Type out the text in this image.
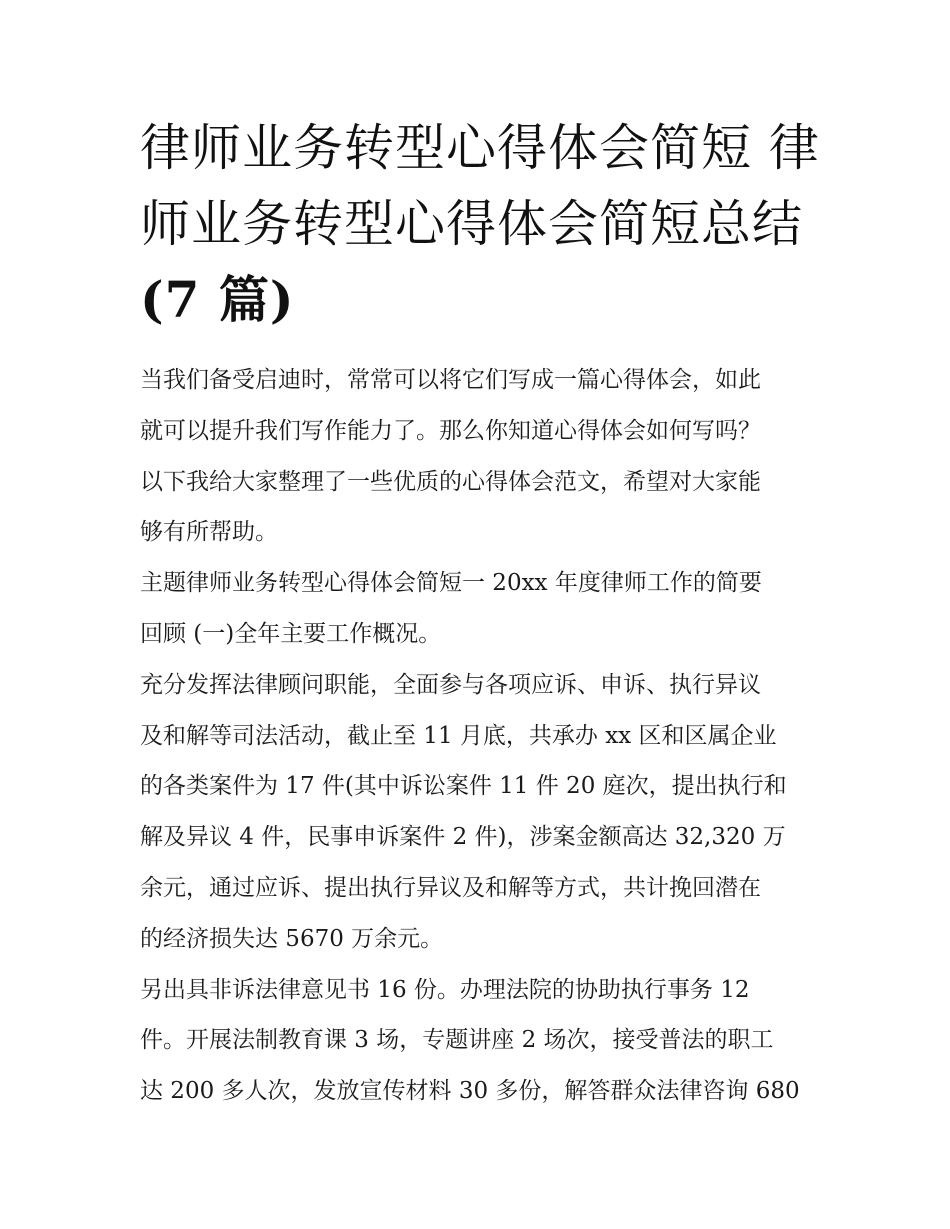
律师业务转型心得体会简短 律
师业务转型心得体会简短总结
(7 篇)
当我们备受启迪时，常常可以将它们写成一篇心得体会，如此
就可以提升我们写作能力了。那么你知道心得体会如何写吗？
以下我给大家整理了一些优质的心得体会范文，希望对大家能
够有所帮助。
主题律师业务转型心得体会简短一 20xx 年度律师工作的简要
回顾 (一)全年主要工作概况。
充分发挥法律顾问职能，全面参与各项应诉、申诉、执行异议
及和解等司法活动，截止至 11 月底，共承办 xx 区和区属企业
的各类案件为 17 件(其中诉讼案件 11 件 20 庭次，提出执行和
解及异议 4 件，民事申诉案件 2 件)，涉案金额高达 32,320 万
余元，通过应诉、提出执行异议及和解等方式，共计挽回潜在
的经济损失达 5670 万余元。
另出具非诉法律意见书 16 份。办理法院的协助执行事务 12
件。开展法制教育课 3 场，专题讲座 2 场次，接受普法的职工
达 200 多人次，发放宣传材料 30 多份，解答群众法律咨询 680
